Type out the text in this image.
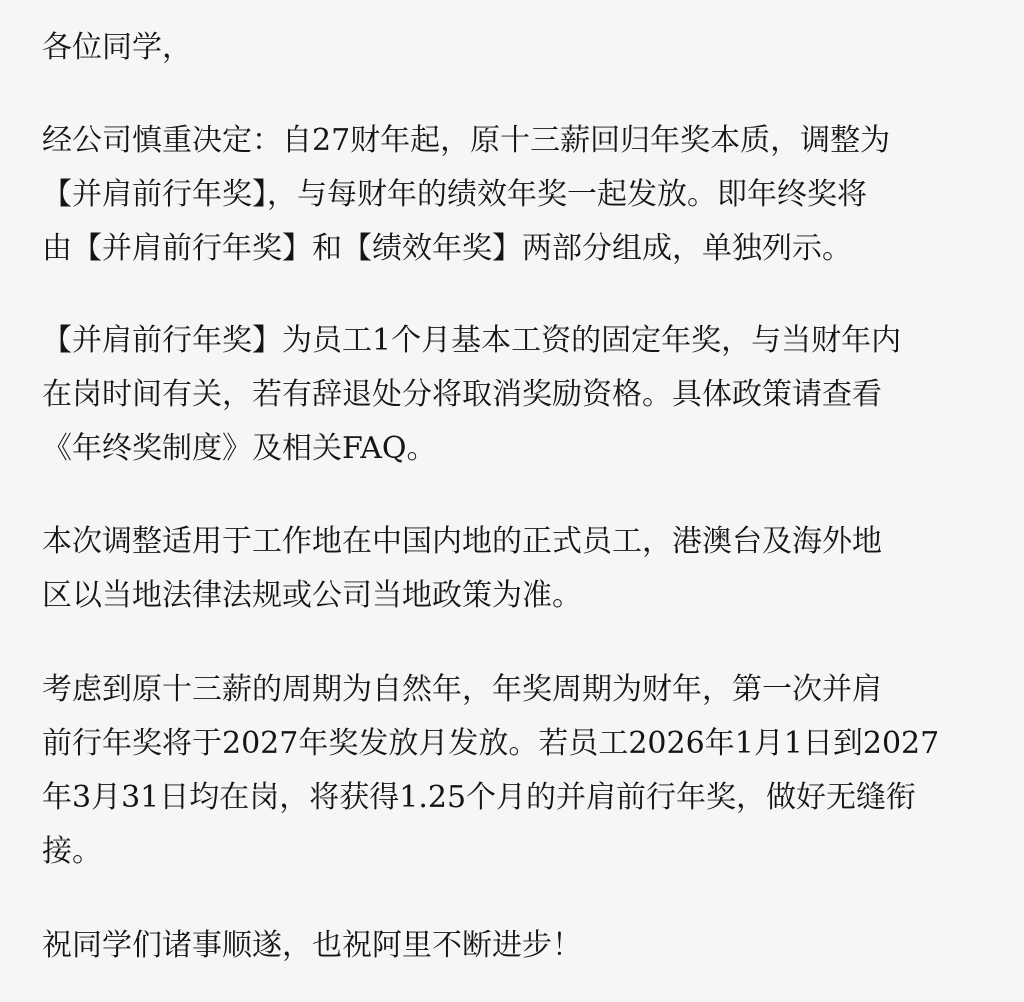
各位同学，

经公司慎重决定：自27财年起，原十三薪回归年奖本质，调整为
【并肩前行年奖】，与每财年的绩效年奖一起发放。即年终奖将
由【并肩前行年奖】和【绩效年奖】两部分组成，单独列示。

【并肩前行年奖】为员工1个月基本工资的固定年奖，与当财年内
在岗时间有关，若有辞退处分将取消奖励资格。具体政策请查看
《年终奖制度》及相关FAQ。

本次调整适用于工作地在中国内地的正式员工，港澳台及海外地
区以当地法律法规或公司当地政策为准。

考虑到原十三薪的周期为自然年，年奖周期为财年，第一次并肩
前行年奖将于2027年奖发放月发放。若员工2026年1月1日到2027
年3月31日均在岗，将获得1.25个月的并肩前行年奖，做好无缝衔
接。

祝同学们诸事顺遂，也祝阿里不断进步！
